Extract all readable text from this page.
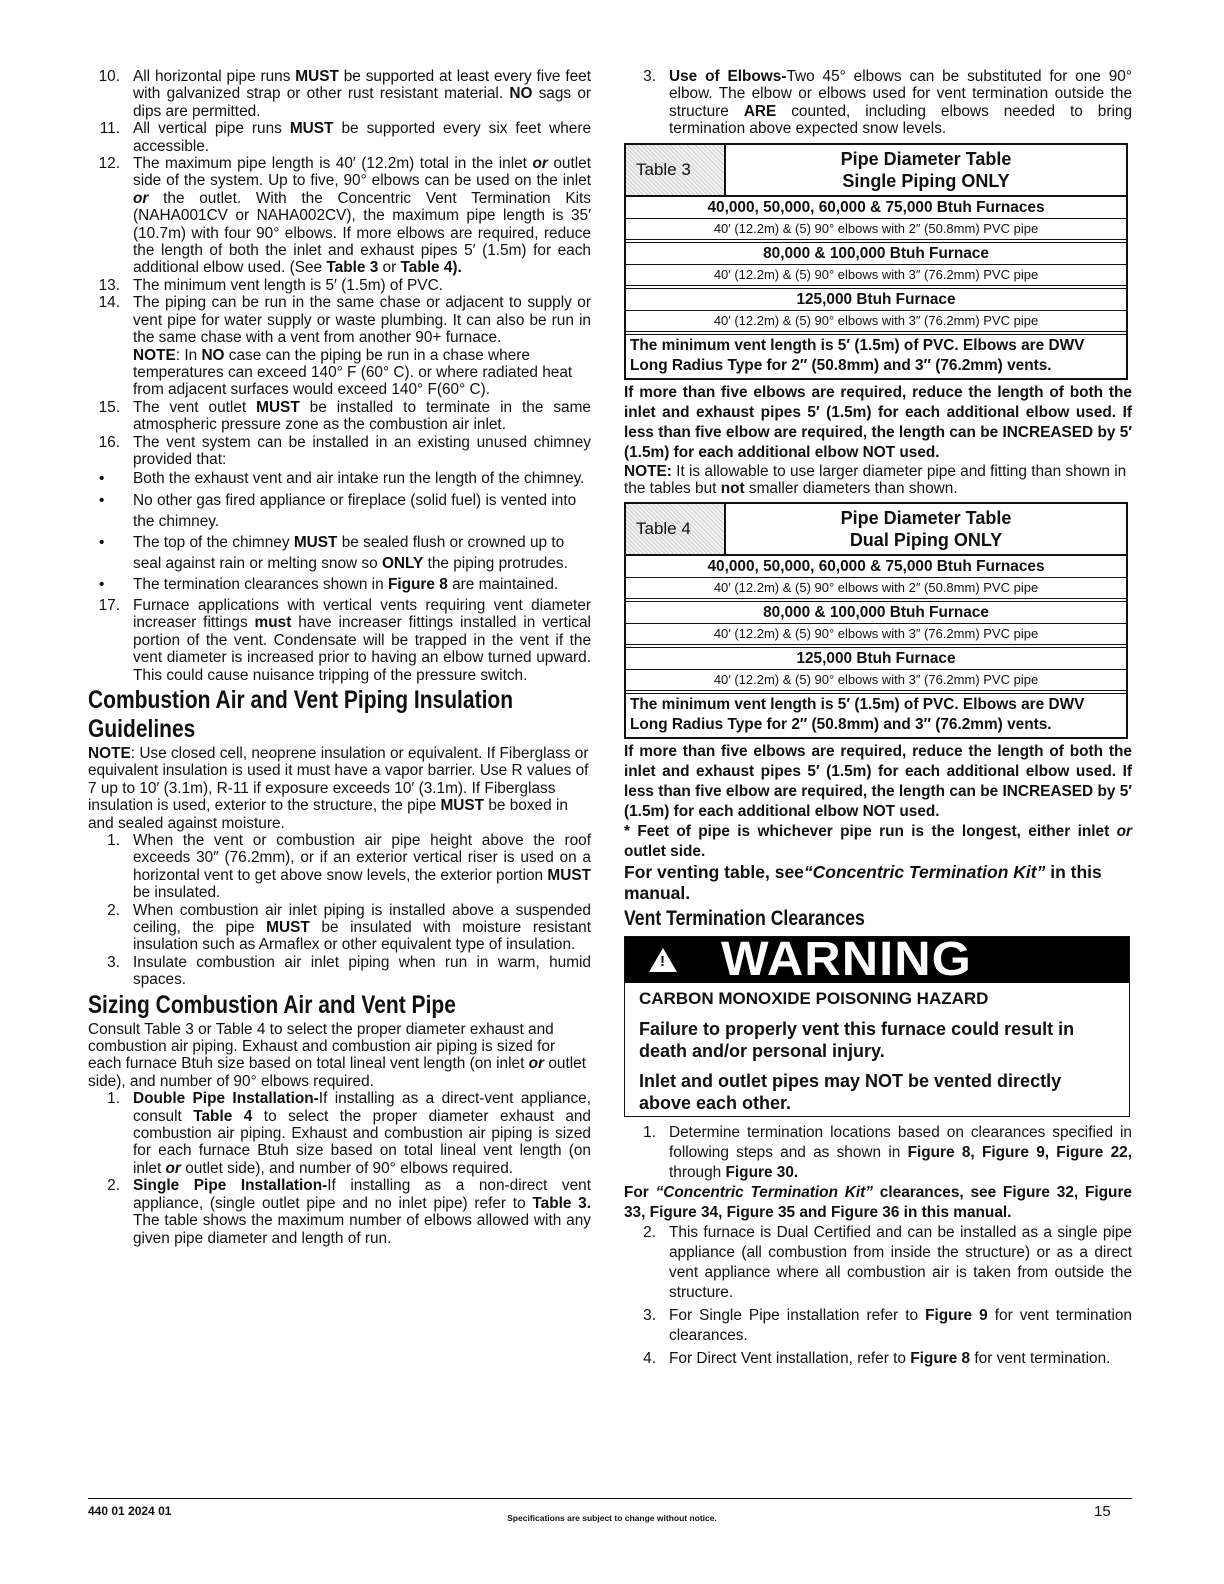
10. All horizontal pipe runs MUST be supported at least every five feet with galvanized strap or other rust resistant material. NO sags or dips are permitted.
11. All vertical pipe runs MUST be supported every six feet where accessible.
12. The maximum pipe length is 40′ (12.2m) total in the inlet or outlet side of the system. Up to five, 90° elbows can be used on the inlet or the outlet. With the Concentric Vent Termination Kits (NAHA001CV or NAHA002CV), the maximum pipe length is 35′ (10.7m) with four 90° elbows. If more elbows are required, reduce the length of both the inlet and exhaust pipes 5′ (1.5m) for each additional elbow used. (See Table 3 or Table 4).
13. The minimum vent length is 5′ (1.5m) of PVC.
14. The piping can be run in the same chase or adjacent to supply or vent pipe for water supply or waste plumbing. It can also be run in the same chase with a vent from another 90+ furnace.

NOTE: In NO case can the piping be run in a chase where temperatures can exceed 140° F (60° C). or where radiated heat from adjacent surfaces would exceed 140° F(60° C).

15. The vent outlet MUST be installed to terminate in the same atmospheric pressure zone as the combustion air inlet.
16. The vent system can be installed in an existing unused chimney provided that:
• Both the exhaust vent and air intake run the length of the chimney.
• No other gas fired appliance or fireplace (solid fuel) is vented into the chimney.
• The top of the chimney MUST be sealed flush or crowned up to seal against rain or melting snow so ONLY the piping protrudes.
• The termination clearances shown in Figure 8 are maintained.
17. Furnace applications with vertical vents requiring vent diameter increaser fittings must have increaser fittings installed in vertical portion of the vent. Condensate will be trapped in the vent if the vent diameter is increased prior to having an elbow turned upward. This could cause nuisance tripping of the pressure switch.
Combustion Air and Vent Piping Insulation Guidelines

NOTE: Use closed cell, neoprene insulation or equivalent. If Fiberglass or equivalent insulation is used it must have a vapor barrier. Use R values of 7 up to 10′ (3.1m), R-11 if exposure exceeds 10′ (3.1m). If Fiberglass insulation is used, exterior to the structure, the pipe MUST be boxed in and sealed against moisture.

1. When the vent or combustion air pipe height above the roof exceeds 30″ (76.2mm), or if an exterior vertical riser is used on a horizontal vent to get above snow levels, the exterior portion MUST be insulated.
2. When combustion air inlet piping is installed above a suspended ceiling, the pipe MUST be insulated with moisture resistant insulation such as Armaflex or other equivalent type of insulation.
3. Insulate combustion air inlet piping when run in warm, humid spaces.
Sizing Combustion Air and Vent Pipe

Consult Table 3 or Table 4 to select the proper diameter exhaust and combustion air piping. Exhaust and combustion air piping is sized for each furnace Btuh size based on total lineal vent length (on inlet or outlet side), and number of 90° elbows required.

1. Double Pipe Installation-If installing as a direct-vent appliance, consult Table 4 to select the proper diameter exhaust and combustion air piping. Exhaust and combustion air piping is sized for each furnace Btuh size based on total lineal vent length (on inlet or outlet side), and number of 90° elbows required.
2. Single Pipe Installation-If installing as a non-direct vent appliance, (single outlet pipe and no inlet pipe) refer to Table 3. The table shows the maximum number of elbows allowed with any given pipe diameter and length of run.
3. Use of Elbows-Two 45° elbows can be substituted for one 90° elbow. The elbow or elbows used for vent termination outside the structure ARE counted, including elbows needed to bring termination above expected snow levels.
Table 3
Pipe Diameter Table
Single Piping ONLY
40,000, 50,000, 60,000 & 75,000 Btuh Furnaces
40′ (12.2m) & (5) 90° elbows with 2″ (50.8mm) PVC pipe
80,000 & 100,000 Btuh Furnace
40′ (12.2m) & (5) 90° elbows with 3″ (76.2mm) PVC pipe
125,000 Btuh Furnace
40′ (12.2m) & (5) 90° elbows with 3″ (76.2mm) PVC pipe
The minimum vent length is 5′ (1.5m) of PVC. Elbows are DWV Long Radius Type for 2″ (50.8mm) and 3″ (76.2mm) vents.

If more than five elbows are required, reduce the length of both the inlet and exhaust pipes 5′ (1.5m) for each additional elbow used. If less than five elbow are required, the length can be INCREASED by 5′ (1.5m) for each additional elbow NOT used.

NOTE: It is allowable to use larger diameter pipe and fitting than shown in the tables but not smaller diameters than shown.

Table 4
Pipe Diameter Table
Dual Piping ONLY
40,000, 50,000, 60,000 & 75,000 Btuh Furnaces
40′ (12.2m) & (5) 90° elbows with 2″ (50.8mm) PVC pipe
80,000 & 100,000 Btuh Furnace
40′ (12.2m) & (5) 90° elbows with 3″ (76.2mm) PVC pipe
125,000 Btuh Furnace
40′ (12.2m) & (5) 90° elbows with 3″ (76.2mm) PVC pipe
The minimum vent length is 5′ (1.5m) of PVC. Elbows are DWV Long Radius Type for 2″ (50.8mm) and 3″ (76.2mm) vents.

If more than five elbows are required, reduce the length of both the inlet and exhaust pipes 5′ (1.5m) for each additional elbow used. If less than five elbow are required, the length can be INCREASED by 5′ (1.5m) for each additional elbow NOT used.

* Feet of pipe is whichever pipe run is the longest, either inlet or outlet side.

For venting table, see“Concentric Termination Kit” in this manual.

Vent Termination Clearances
! WARNING
CARBON MONOXIDE POISONING HAZARD
Failure to properly vent this furnace could result in death and/or personal injury.
Inlet and outlet pipes may NOT be vented directly above each other.
1. Determine termination locations based on clearances specified in following steps and as shown in Figure 8, Figure 9, Figure 22, through Figure 30.

For “Concentric Termination Kit” clearances, see Figure 32, Figure 33, Figure 34, Figure 35 and Figure 36 in this manual.

2. This furnace is Dual Certified and can be installed as a single pipe appliance (all combustion from inside the structure) or as a direct vent appliance where all combustion air is taken from outside the structure.
3. For Single Pipe installation refer to Figure 9 for vent termination clearances.
4. For Direct Vent installation, refer to Figure 8 for vent termination.
440 01 2024 01	Specifications are subject to change without notice.	15
